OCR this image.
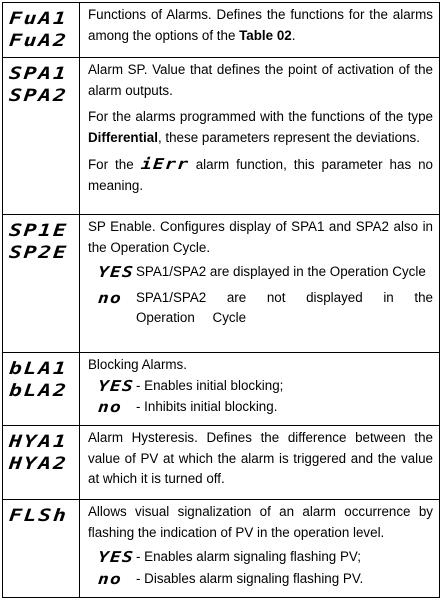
FuA1
FuA2

Functions of Alarms. Defines the functions for the alarms among the options of the Table 02.

SPA1
SPA2

Alarm SP. Value that defines the point of activation of the alarm outputs.

For the alarms programmed with the functions of the type Differential, these parameters represent the deviations.

For the iErr alarm function, this parameter has no meaning.

SP1E
SP2E

SP Enable. Configures display of SPA1 and SPA2 also in the Operation Cycle.

YES SPA1/SPA2 are displayed in the Operation Cycle
no SPA1/SPA2 are not displayed in the Operation Cycle
bLA1
bLA2

Blocking Alarms.

YES - Enables initial blocking;
no - Inhibits initial blocking.
HYA1
HYA2

Alarm Hysteresis. Defines the difference between the value of PV at which the alarm is triggered and the value at which it is turned off.

FLSh	Allows visual signalization of an alarm occurrence by flashing the indication of PV in the operation level.

YES - Enables alarm signaling flashing PV;
no - Disables alarm signaling flashing PV.
